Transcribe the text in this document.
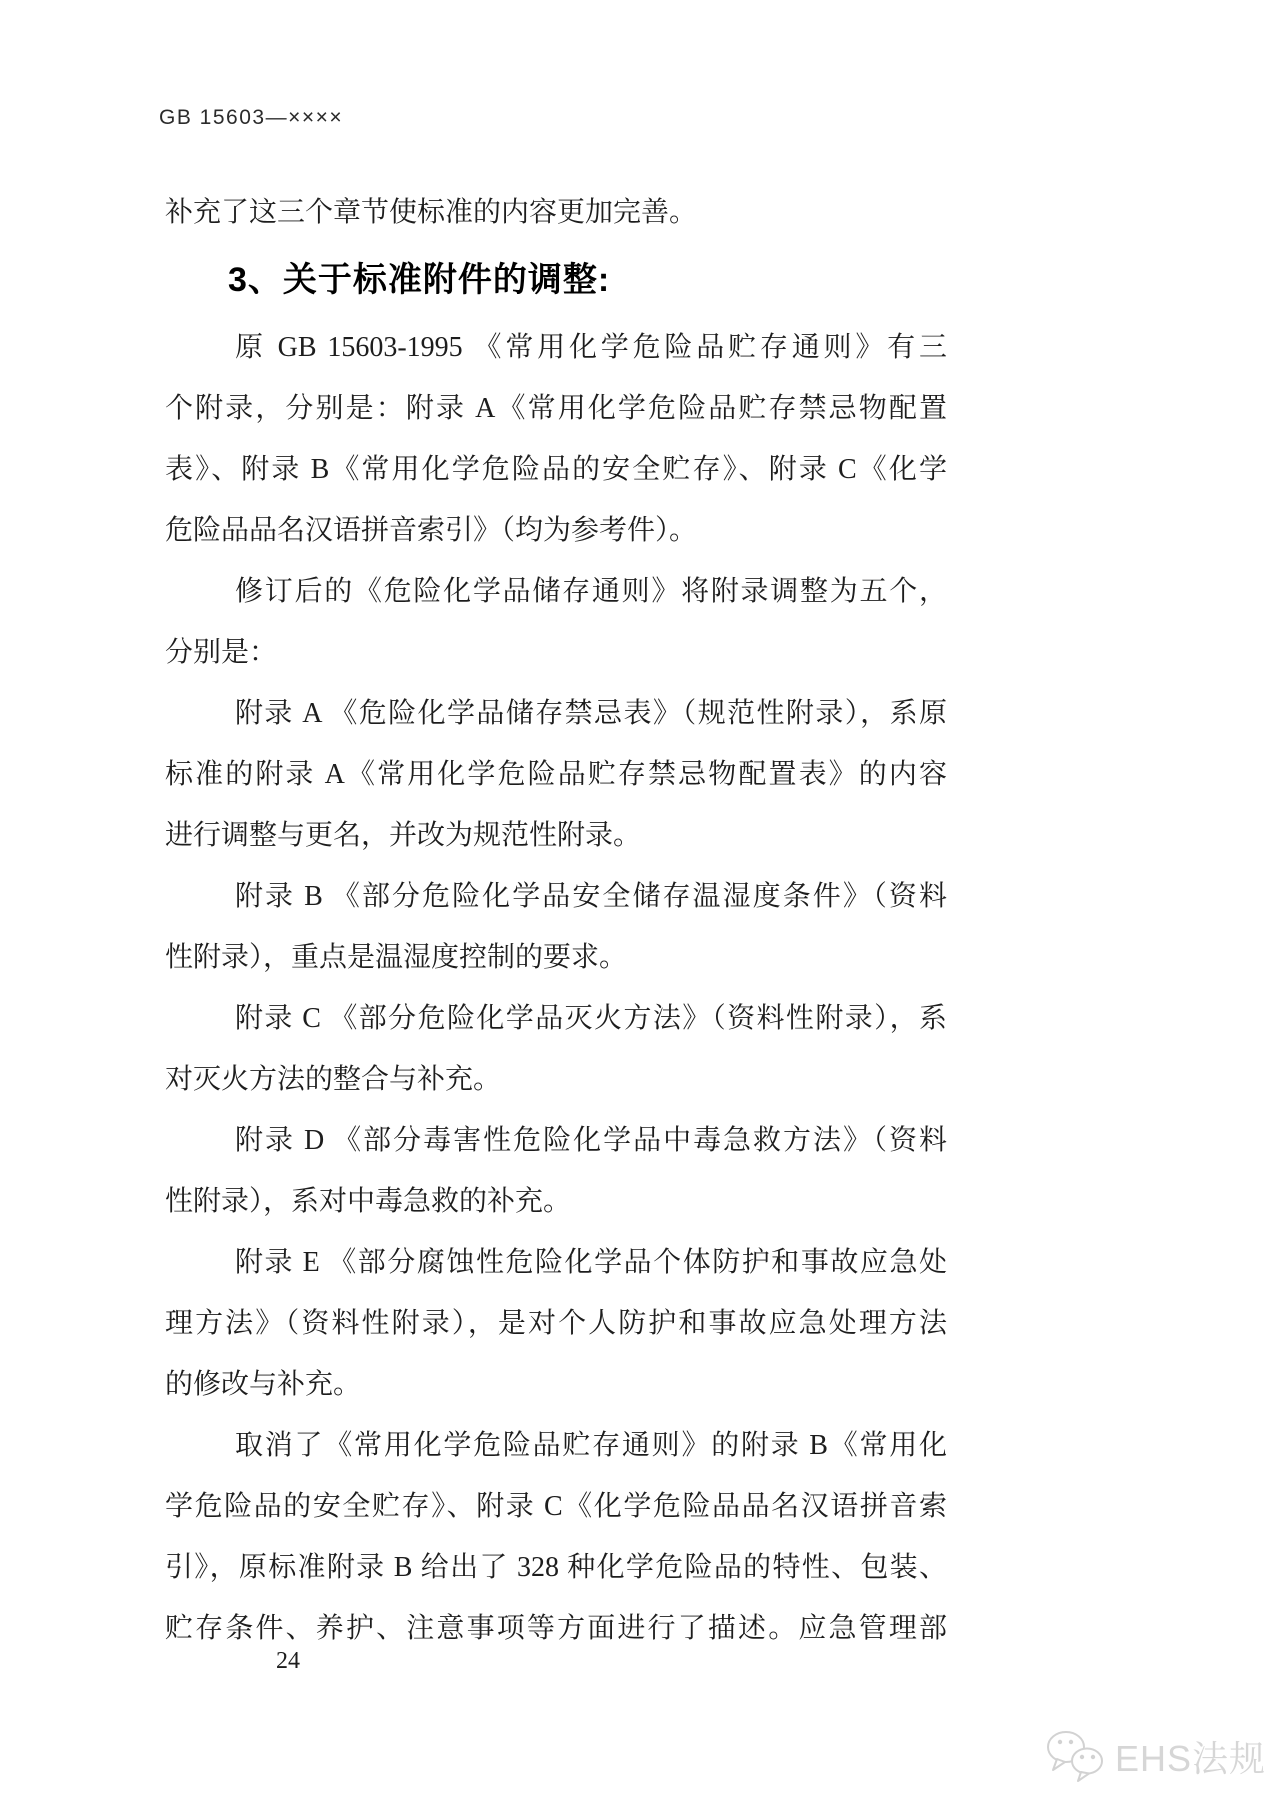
GB 15603—××××
补充了这三个章节使标准的内容更加完善。
3、关于标准附件的调整:
原 GB 15603-1995 《常用化学危险品贮存通则》有三
个附录，分别是：附录 A《常用化学危险品贮存禁忌物配置
表》、附录 B《常用化学危险品的安全贮存》、附录 C《化学
危险品品名汉语拼音索引》（均为参考件）。
修订后的《危险化学品储存通则》将附录调整为五个，
分别是：
附录 A 《危险化学品储存禁忌表》（规范性附录），系原
标准的附录 A《常用化学危险品贮存禁忌物配置表》的内容
进行调整与更名，并改为规范性附录。
附录 B 《部分危险化学品安全储存温湿度条件》（资料
性附录），重点是温湿度控制的要求。
附录 C 《部分危险化学品灭火方法》（资料性附录），系
对灭火方法的整合与补充。
附录 D 《部分毒害性危险化学品中毒急救方法》（资料
性附录），系对中毒急救的补充。
附录 E 《部分腐蚀性危险化学品个体防护和事故应急处
理方法》（资料性附录），是对个人防护和事故应急处理方法
的修改与补充。
取消了《常用化学危险品贮存通则》的附录 B《常用化
学危险品的安全贮存》、附录 C《化学危险品品名汉语拼音索
引》，原标准附录 B 给出了 328 种化学危险品的特性、包装、
贮存条件、养护、注意事项等方面进行了描述。应急管理部
24
EHS法规
